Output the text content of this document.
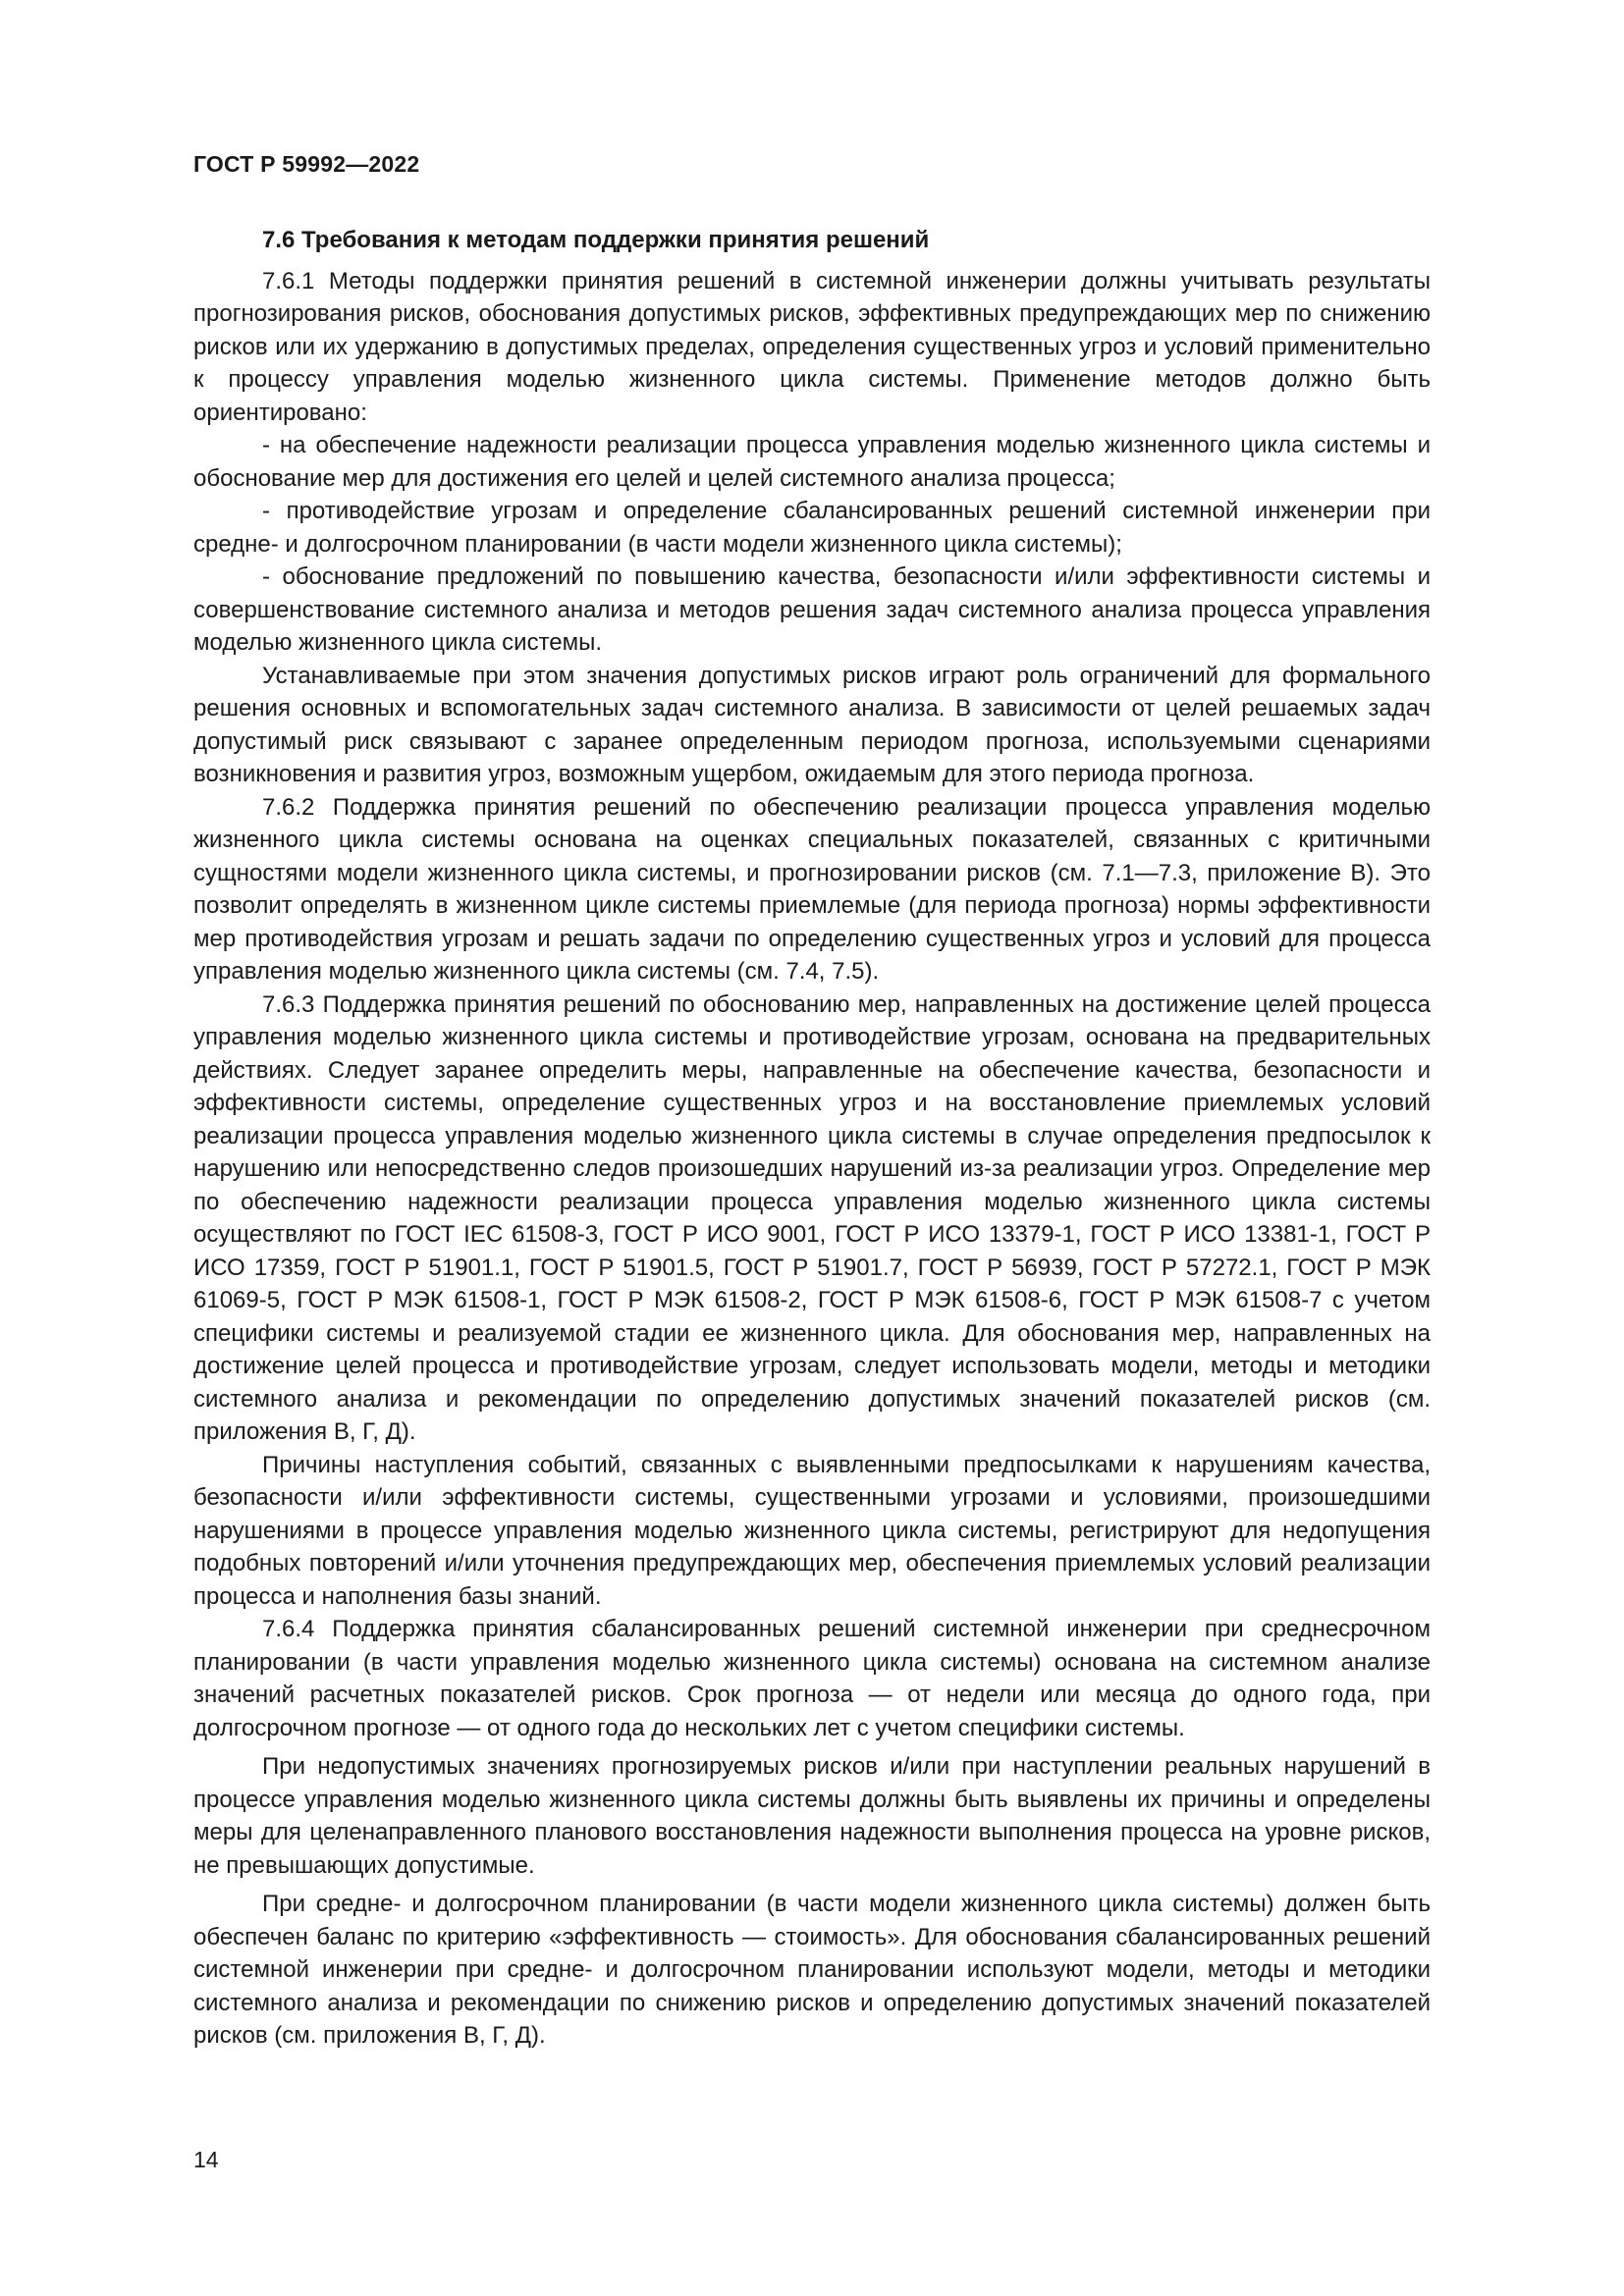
ГОСТ Р 59992—2022

7.6 Требования к методам поддержки принятия решений

7.6.1 Методы поддержки принятия решений в системной инженерии должны учитывать результаты прогнозирования рисков, обоснования допустимых рисков, эффективных предупреждающих мер по снижению рисков или их удержанию в допустимых пределах, определения существенных угроз и условий применительно к процессу управления моделью жизненного цикла системы. Применение методов должно быть ориентировано:

- на обеспечение надежности реализации процесса управления моделью жизненного цикла системы и обоснование мер для достижения его целей и целей системного анализа процесса;

- противодействие угрозам и определение сбалансированных решений системной инженерии при средне- и долгосрочном планировании (в части модели жизненного цикла системы);

- обоснование предложений по повышению качества, безопасности и/или эффективности системы и совершенствование системного анализа и методов решения задач системного анализа процесса управления моделью жизненного цикла системы.

Устанавливаемые при этом значения допустимых рисков играют роль ограничений для формального решения основных и вспомогательных задач системного анализа. В зависимости от целей решаемых задач допустимый риск связывают с заранее определенным периодом прогноза, используемыми сценариями возникновения и развития угроз, возможным ущербом, ожидаемым для этого периода прогноза.

7.6.2 Поддержка принятия решений по обеспечению реализации процесса управления моделью жизненного цикла системы основана на оценках специальных показателей, связанных с критичными сущностями модели жизненного цикла системы, и прогнозировании рисков (см. 7.1—7.3, приложение В). Это позволит определять в жизненном цикле системы приемлемые (для периода прогноза) нормы эффективности мер противодействия угрозам и решать задачи по определению существенных угроз и условий для процесса управления моделью жизненного цикла системы (см. 7.4, 7.5).

7.6.3 Поддержка принятия решений по обоснованию мер, направленных на достижение целей процесса управления моделью жизненного цикла системы и противодействие угрозам, основана на предварительных действиях. Следует заранее определить меры, направленные на обеспечение качества, безопасности и эффективности системы, определение существенных угроз и на восстановление приемлемых условий реализации процесса управления моделью жизненного цикла системы в случае определения предпосылок к нарушению или непосредственно следов произошедших нарушений из-за реализации угроз. Определение мер по обеспечению надежности реализации процесса управления моделью жизненного цикла системы осуществляют по ГОСТ IEC 61508-3, ГОСТ Р ИСО 9001, ГОСТ Р ИСО 13379-1, ГОСТ Р ИСО 13381-1, ГОСТ Р ИСО 17359, ГОСТ Р 51901.1, ГОСТ Р 51901.5, ГОСТ Р 51901.7, ГОСТ Р 56939, ГОСТ Р 57272.1, ГОСТ Р МЭК 61069-5, ГОСТ Р МЭК 61508-1, ГОСТ Р МЭК 61508-2, ГОСТ Р МЭК 61508-6, ГОСТ Р МЭК 61508-7 с учетом специфики системы и реализуемой стадии ее жизненного цикла. Для обоснования мер, направленных на достижение целей процесса и противодействие угрозам, следует использовать модели, методы и методики системного анализа и рекомендации по определению допустимых значений показателей рисков (см. приложения В, Г, Д).

Причины наступления событий, связанных с выявленными предпосылками к нарушениям качества, безопасности и/или эффективности системы, существенными угрозами и условиями, произошедшими нарушениями в процессе управления моделью жизненного цикла системы, регистрируют для недопущения подобных повторений и/или уточнения предупреждающих мер, обеспечения приемлемых условий реализации процесса и наполнения базы знаний.

7.6.4 Поддержка принятия сбалансированных решений системной инженерии при среднесрочном планировании (в части управления моделью жизненного цикла системы) основана на системном анализе значений расчетных показателей рисков. Срок прогноза — от недели или месяца до одного года, при долгосрочном прогнозе — от одного года до нескольких лет с учетом специфики системы.

При недопустимых значениях прогнозируемых рисков и/или при наступлении реальных нарушений в процессе управления моделью жизненного цикла системы должны быть выявлены их причины и определены меры для целенаправленного планового восстановления надежности выполнения процесса на уровне рисков, не превышающих допустимые.

При средне- и долгосрочном планировании (в части модели жизненного цикла системы) должен быть обеспечен баланс по критерию «эффективность — стоимость». Для обоснования сбалансированных решений системной инженерии при средне- и долгосрочном планировании используют модели, методы и методики системного анализа и рекомендации по снижению рисков и определению допустимых значений показателей рисков (см. приложения В, Г, Д).

14
